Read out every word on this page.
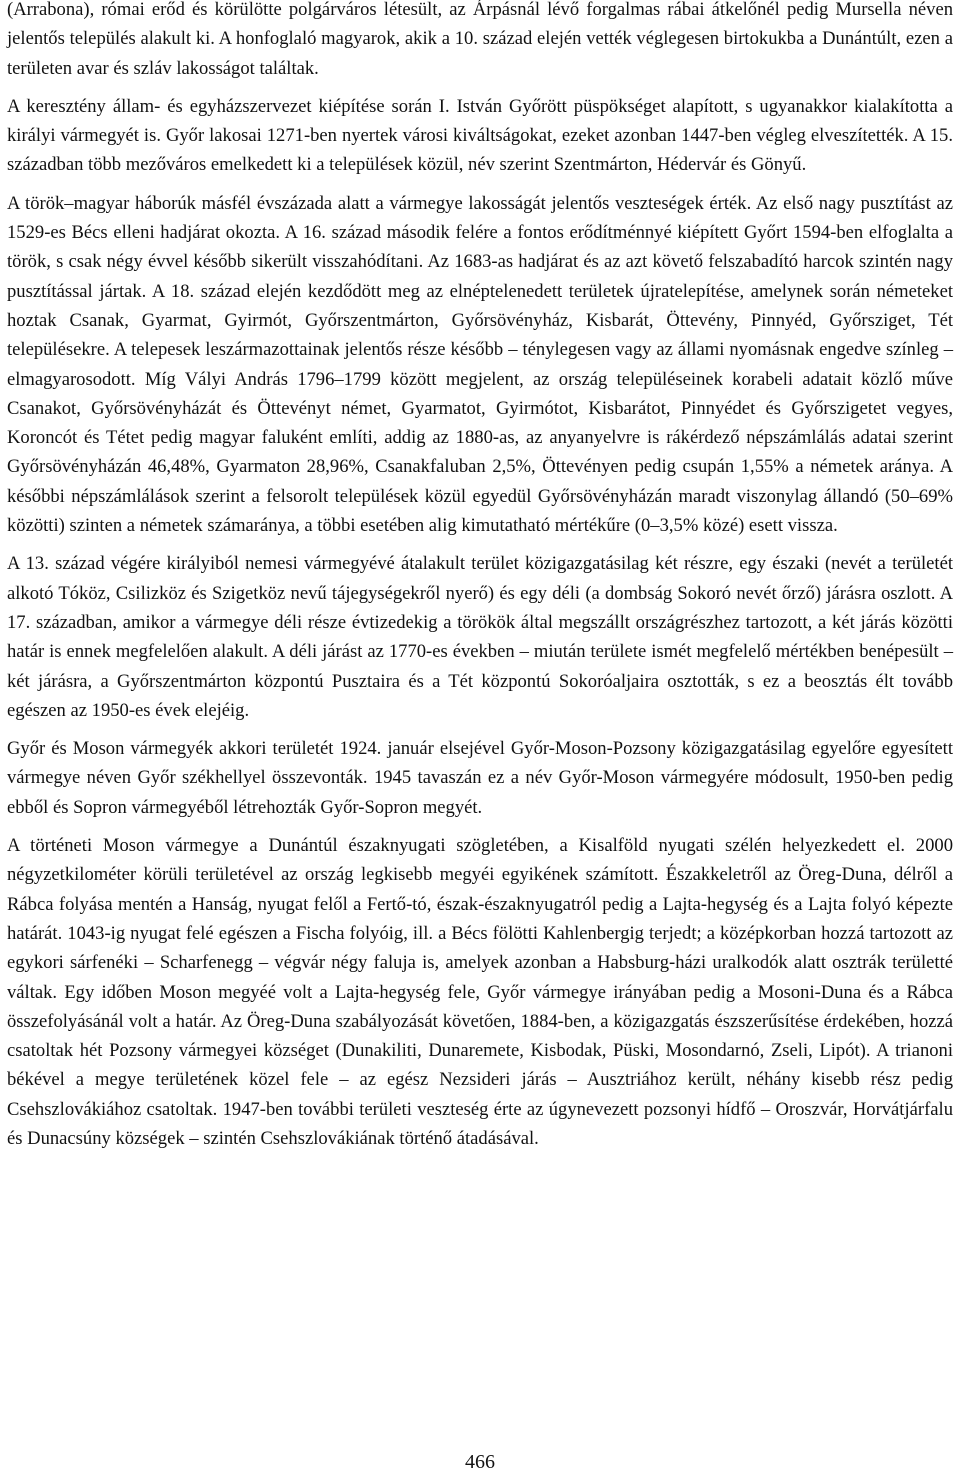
(Arrabona), római erőd és körülötte polgárváros létesült, az Árpásnál lévő forgalmas rábai átkelőnél pedig Mursella néven jelentős település alakult ki. A honfoglaló magyarok, akik a 10. század elején vették véglegesen birtokukba a Dunántúlt, ezen a területen avar és szláv lakosságot találtak.

A keresztény állam- és egyházszervezet kiépítése során I. István Győrött püspökséget alapított, s ugyanakkor kialakította a királyi vármegyét is. Győr lakosai 1271-ben nyertek városi kiváltságokat, ezeket azonban 1447-ben végleg elveszítették. A 15. században több mezőváros emelkedett ki a települések közül, név szerint Szentmárton, Hédervár és Gönyű.

A török–magyar háborúk másfél évszázada alatt a vármegye lakosságát jelentős veszteségek érték. Az első nagy pusztítást az 1529-es Bécs elleni hadjárat okozta. A 16. század második felére a fontos erődítménnyé kiépített Győrt 1594-ben elfoglalta a török, s csak négy évvel később sikerült visszahódítani. Az 1683-as hadjárat és az azt követő felszabadító harcok szintén nagy pusztítással jártak. A 18. század elején kezdődött meg az elnéptelenedett területek újratelepítése, amelynek során németeket hoztak Csanak, Gyarmat, Gyirmót, Győrszentmárton, Győrsövényház, Kisbarát, Öttevény, Pinnyéd, Győrsziget, Tét településekre. A telepesek leszármazottainak jelentős része később – ténylegesen vagy az állami nyomásnak engedve színleg – elmagyarosodott. Míg Vályi András 1796–1799 között megjelent, az ország településeinek korabeli adatait közlő műve Csanakot, Győrsövényházát és Öttevényt német, Gyarmatot, Gyirmótot, Kisbarátot, Pinnyédet és Győrszigetet vegyes, Koroncót és Tétet pedig magyar faluként említi, addig az 1880-as, az anyanyelvre is rákérdező népszámlálás adatai szerint Győrsövényházán 46,48%, Gyarmaton 28,96%, Csanakfaluban 2,5%, Öttevényen pedig csupán 1,55% a németek aránya. A későbbi népszámlálások szerint a felsorolt települések közül egyedül Győrsövényházán maradt viszonylag állandó (50–69% közötti) szinten a németek számaránya, a többi esetében alig kimutatható mértékűre (0–3,5% közé) esett vissza.

A 13. század végére királyiból nemesi vármegyévé átalakult terület közigazgatásilag két részre, egy északi (nevét a területét alkotó Tóköz, Csilizköz és Szigetköz nevű tájegységekről nyerő) és egy déli (a dombság Sokoró nevét őrző) járásra oszlott. A 17. században, amikor a vármegye déli része évtizedekig a törökök által megszállt országrészhez tartozott, a két járás közötti határ is ennek megfelelően alakult. A déli járást az 1770-es években – miután területe ismét megfelelő mértékben benépesült – két járásra, a Győrszentmárton központú Pusztaira és a Tét központú Sokoróaljaira osztották, s ez a beosztás élt tovább egészen az 1950-es évek elejéig.

Győr és Moson vármegyék akkori területét 1924. január elsejével Győr-Moson-Pozsony közigazgatásilag egyelőre egyesített vármegye néven Győr székhellyel összevonták. 1945 tavaszán ez a név Győr-Moson vármegyére módosult, 1950-ben pedig ebből és Sopron vármegyéből létrehozták Győr-Sopron megyét.

A történeti Moson vármegye a Dunántúl északnyugati szögletében, a Kisalföld nyugati szélén helyezkedett el. 2000 négyzetkilométer körüli területével az ország legkisebb megyéi egyikének számított. Északkeletről az Öreg-Duna, délről a Rábca folyása mentén a Hanság, nyugat felől a Fertő-tó, észak-északnyugatról pedig a Lajta-hegység és a Lajta folyó képezte határát. 1043-ig nyugat felé egészen a Fischa folyóig, ill. a Bécs fölötti Kahlenbergig terjedt; a középkorban hozzá tartozott az egykori sárfenéki – Scharfenegg – végvár négy faluja is, amelyek azonban a Habsburg-házi uralkodók alatt osztrák területté váltak. Egy időben Moson megyéé volt a Lajta-hegység fele, Győr vármegye irányában pedig a Mosoni-Duna és a Rábca összefolyásánál volt a határ. Az Öreg-Duna szabályozását követően, 1884-ben, a közigazgatás észszerűsítése érdekében, hozzá csatoltak hét Pozsony vármegyei községet (Dunakiliti, Dunaremete, Kisbodak, Püski, Mosondarnó, Zseli, Lipót). A trianoni békével a megye területének közel fele – az egész Nezsideri járás – Ausztriához került, néhány kisebb rész pedig Csehszlovákiához csatoltak. 1947-ben további területi veszteség érte az úgynevezett pozsonyi hídfő – Oroszvár, Horvátjárfalu és Dunacsúny községek – szintén Csehszlovákiának történő átadásával.

466
